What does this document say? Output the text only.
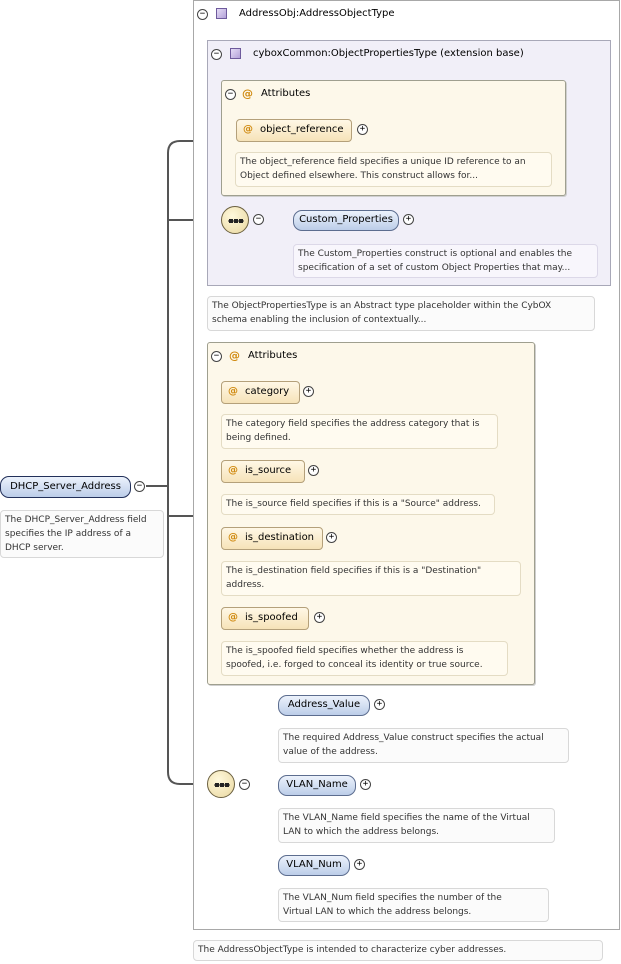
−	AddressObj:AddressObjectType
−	cyboxCommon:ObjectPropertiesType (extension base)
− @ Attributes
@ object_reference	+
The object_reference field specifies a unique ID reference to an
Object defined elsewhere. This construct allows for...
−	Custom_Properties	+
The Custom_Properties construct is optional and enables the
specification of a set of custom Object Properties that may...
The ObjectPropertiesType is an Abstract type placeholder within the CybOX
schema enabling the inclusion of contextually...
− @ Attributes
@ category	+
The category field specifies the address category that is
being defined.
@ is_source	+
The is_source field specifies if this is a "Source" address.
@ is_destination	+
The is_destination field specifies if this is a "Destination"
address.
@ is_spoofed	+
The is_spoofed field specifies whether the address is
spoofed, i.e. forged to conceal its identity or true source.
−
Address_Value	+
The required Address_Value construct specifies the actual
value of the address.
VLAN_Name	+
The VLAN_Name field specifies the name of the Virtual
LAN to which the address belongs.
VLAN_Num	+
The VLAN_Num field specifies the number of the
Virtual LAN to which the address belongs.
DHCP_Server_Address	−
The DHCP_Server_Address field
specifies the IP address of a
DHCP server.
The AddressObjectType is intended to characterize cyber addresses.
